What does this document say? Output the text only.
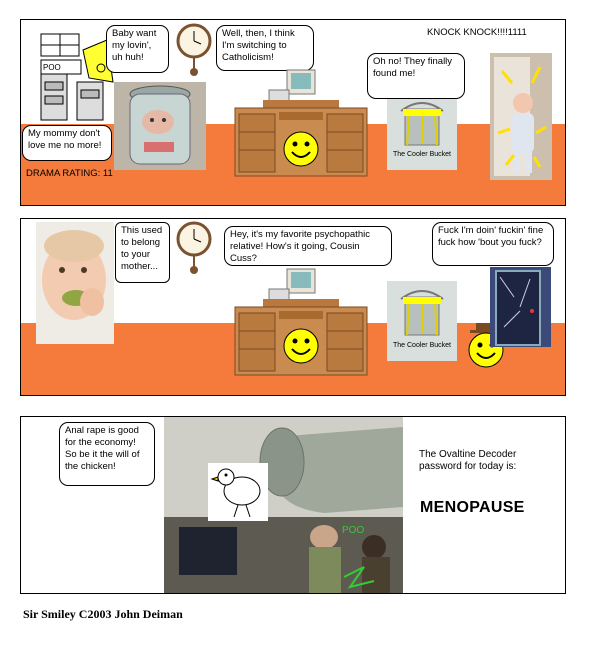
POO
Baby want my lovin', uh huh!
My mommy don't love me no more!
DRAMA RATING: 11
Well, then, I think I'm switching to Catholicism!
KNOCK KNOCK!!!!1111
The Cooler Bucket
Oh no! They finally found me!
This used to belong to your mother...
Hey, it's my favorite psychopathic relative! How's it going, Cousin Cuss?
The Cooler Bucket
Fuck I'm doin' fuckin' fine fuck how 'bout you fuck?
POO
Anal rape is good for the economy! So be it the will of the chicken!
The Ovaltine Decoder password for today is:
MENOPAUSE
Sir Smiley C2003 John Deiman
